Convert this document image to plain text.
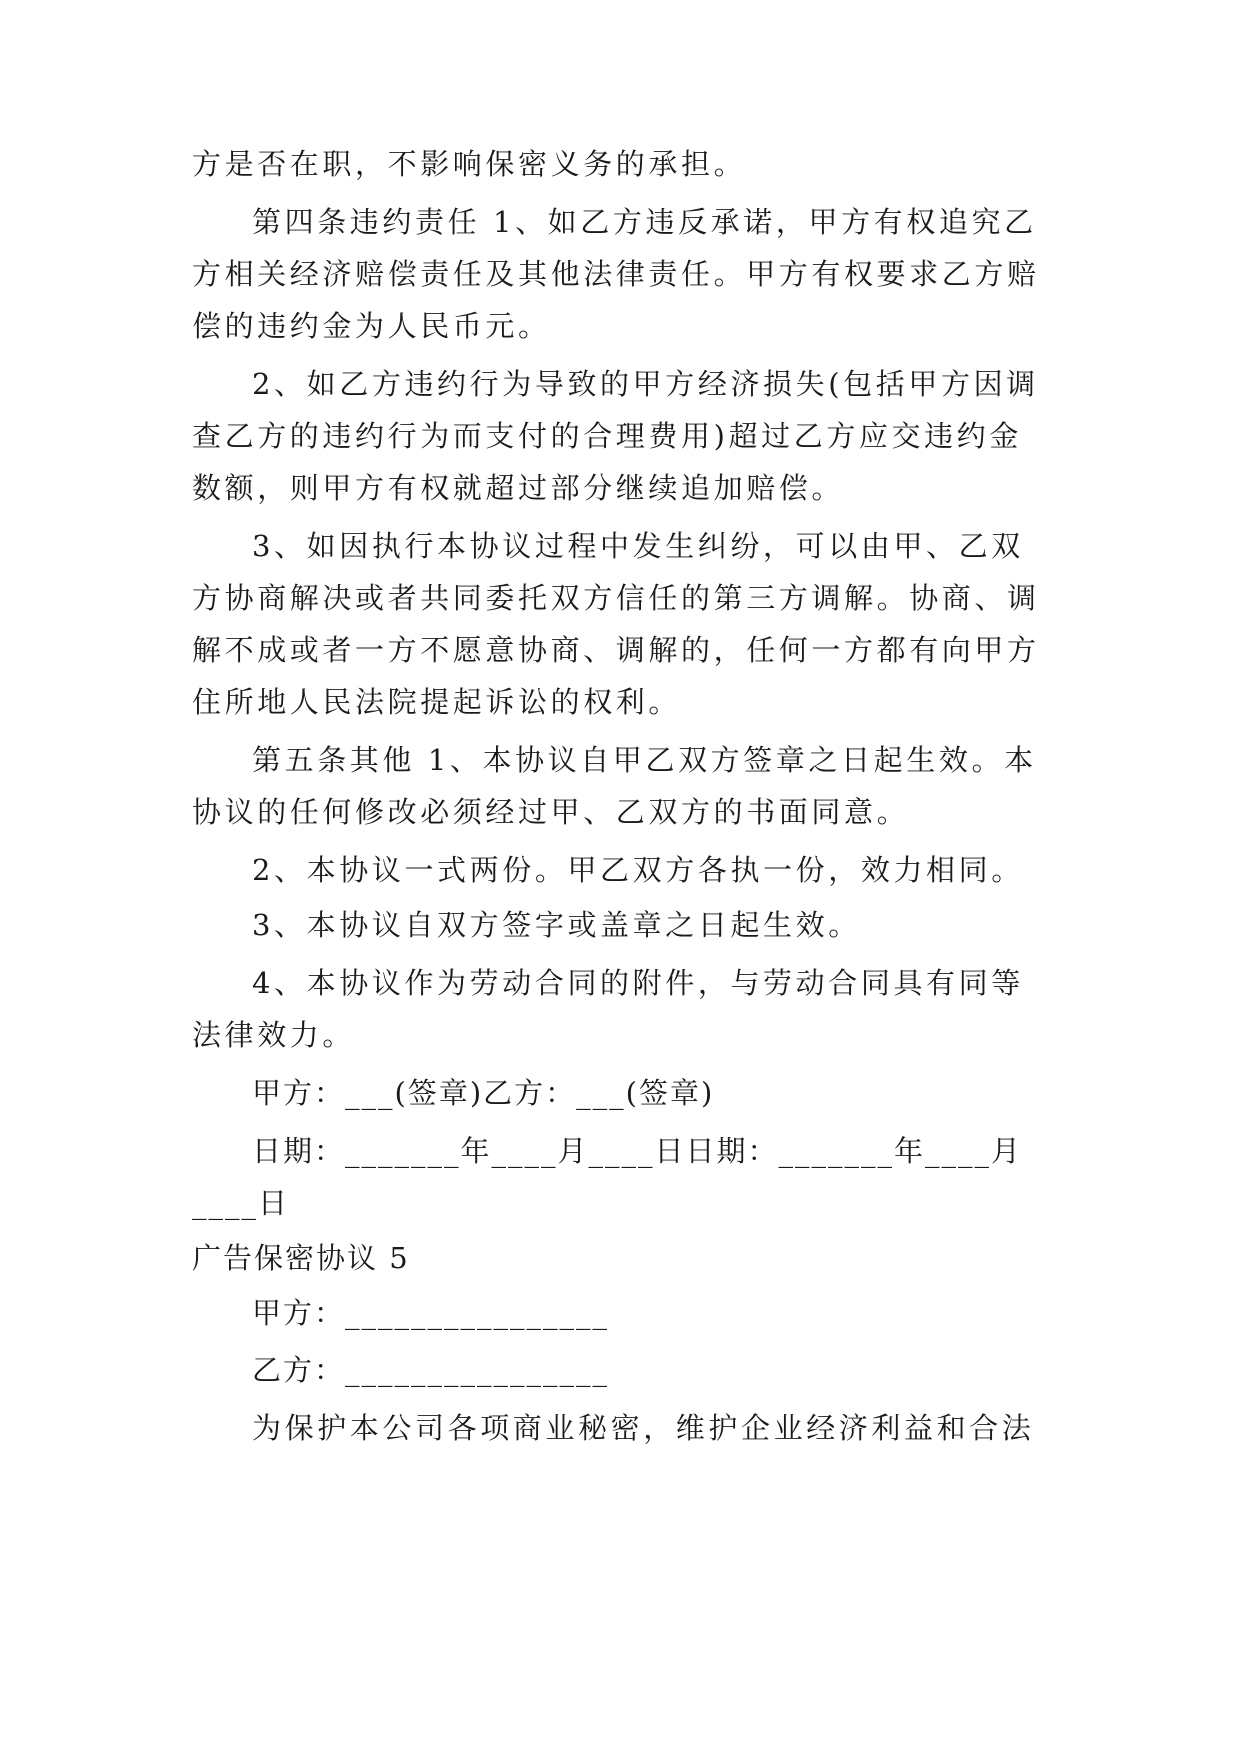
方是否在职，不影响保密义务的承担。
第四条违约责任 1、如乙方违反承诺，甲方有权追究乙
方相关经济赔偿责任及其他法律责任。甲方有权要求乙方赔
偿的违约金为人民币元。
2、如乙方违约行为导致的甲方经济损失(包括甲方因调
查乙方的违约行为而支付的合理费用)超过乙方应交违约金
数额，则甲方有权就超过部分继续追加赔偿。
3、如因执行本协议过程中发生纠纷，可以由甲、乙双
方协商解决或者共同委托双方信任的第三方调解。协商、调
解不成或者一方不愿意协商、调解的，任何一方都有向甲方
住所地人民法院提起诉讼的权利。
第五条其他 1、本协议自甲乙双方签章之日起生效。本
协议的任何修改必须经过甲、乙双方的书面同意。
2、本协议一式两份。甲乙双方各执一份，效力相同。
3、本协议自双方签字或盖章之日起生效。
4、本协议作为劳动合同的附件，与劳动合同具有同等
法律效力。
甲方：___(签章)乙方：___(签章)
日期：_______年____月____日日期：_______年____月
____日
广告保密协议 5
甲方：________________
乙方：________________
为保护本公司各项商业秘密，维护企业经济利益和合法
